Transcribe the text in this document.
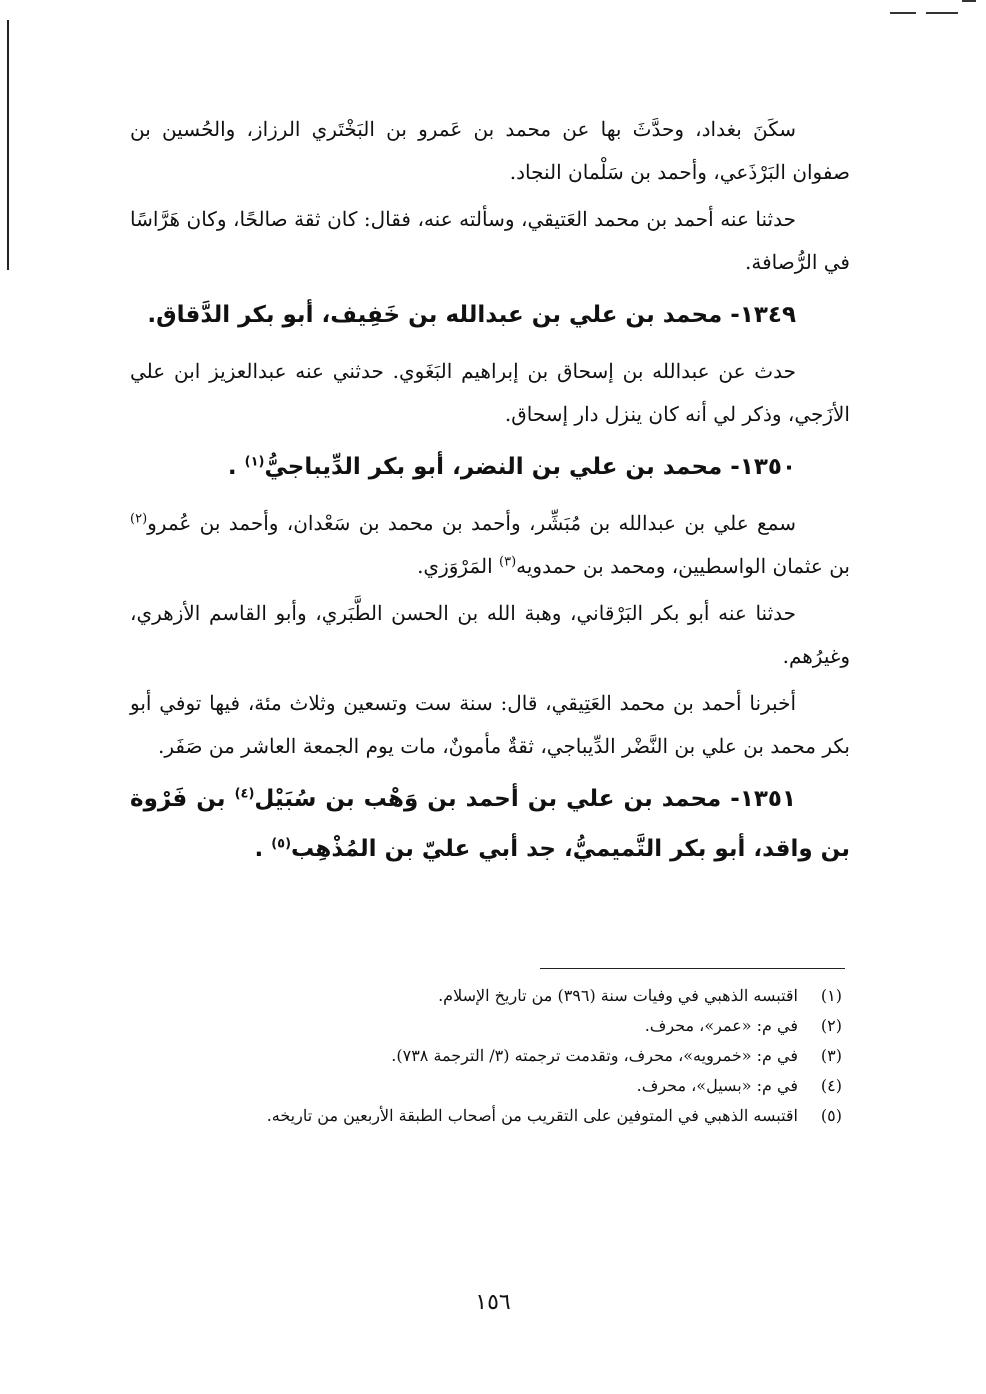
سكَنَ بغداد، وحدَّثَ بها عن محمد بن عَمرو بن البَخْتَري الرزاز، والحُسين بن صفوان البَرْذَعي، وأحمد بن سَلْمان النجاد.

حدثنا عنه أحمد بن محمد العَتيقي، وسألته عنه، فقال: كان ثقة صالحًا، وكان هَرَّاسًا في الرُّصافة.

١٣٤٩- محمد بن علي بن عبدالله بن خَفِيف، أبو بكر الدَّقاق.

حدث عن عبدالله بن إسحاق بن إبراهيم البَغَوي. حدثني عنه عبدالعزيز ابن علي الأزَجي، وذكر لي أنه كان ينزل دار إسحاق.

١٣٥٠- محمد بن علي بن النضر، أبو بكر الدِّيباجيُّ$^{(١)}$ .

سمع علي بن عبدالله بن مُبَشِّر، وأحمد بن محمد بن سَعْدان، وأحمد بن عُمرو$^{(٢)}$ بن عثمان الواسطيين، ومحمد بن حمدويه$^{(٣)}$ المَرْوَزي.

حدثنا عنه أبو بكر البَرْقاني، وهبة الله بن الحسن الطَّبَري، وأبو القاسم الأزهري، وغيرُهم.

أخبرنا أحمد بن محمد العَتِيقي، قال: سنة ست وتسعين وثلاث مئة، فيها توفي أبو بكر محمد بن علي بن النَّضْر الدِّيباجي، ثقةٌ مأمونٌ، مات يوم الجمعة العاشر من صَفَر.

١٣٥١- محمد بن علي بن أحمد بن وَهْب بن سُبَيْل$^{(٤)}$ بن فَرْوة بن واقد، أبو بكر التَّميميُّ، جد أبي عليّ بن المُذْهِب$^{(٥)}$ .

(١)اقتبسه الذهبي في وفيات سنة (٣٩٦) من تاريخ الإسلام.
(٢)في م: «عمر»، محرف.
(٣)في م: «خمرويه»، محرف، وتقدمت ترجمته (٣/ الترجمة ٧٣٨).
(٤)في م: «بسيل»، محرف.
(٥)اقتبسه الذهبي في المتوفين على التقريب من أصحاب الطبقة الأربعين من تاريخه.
١٥٦
